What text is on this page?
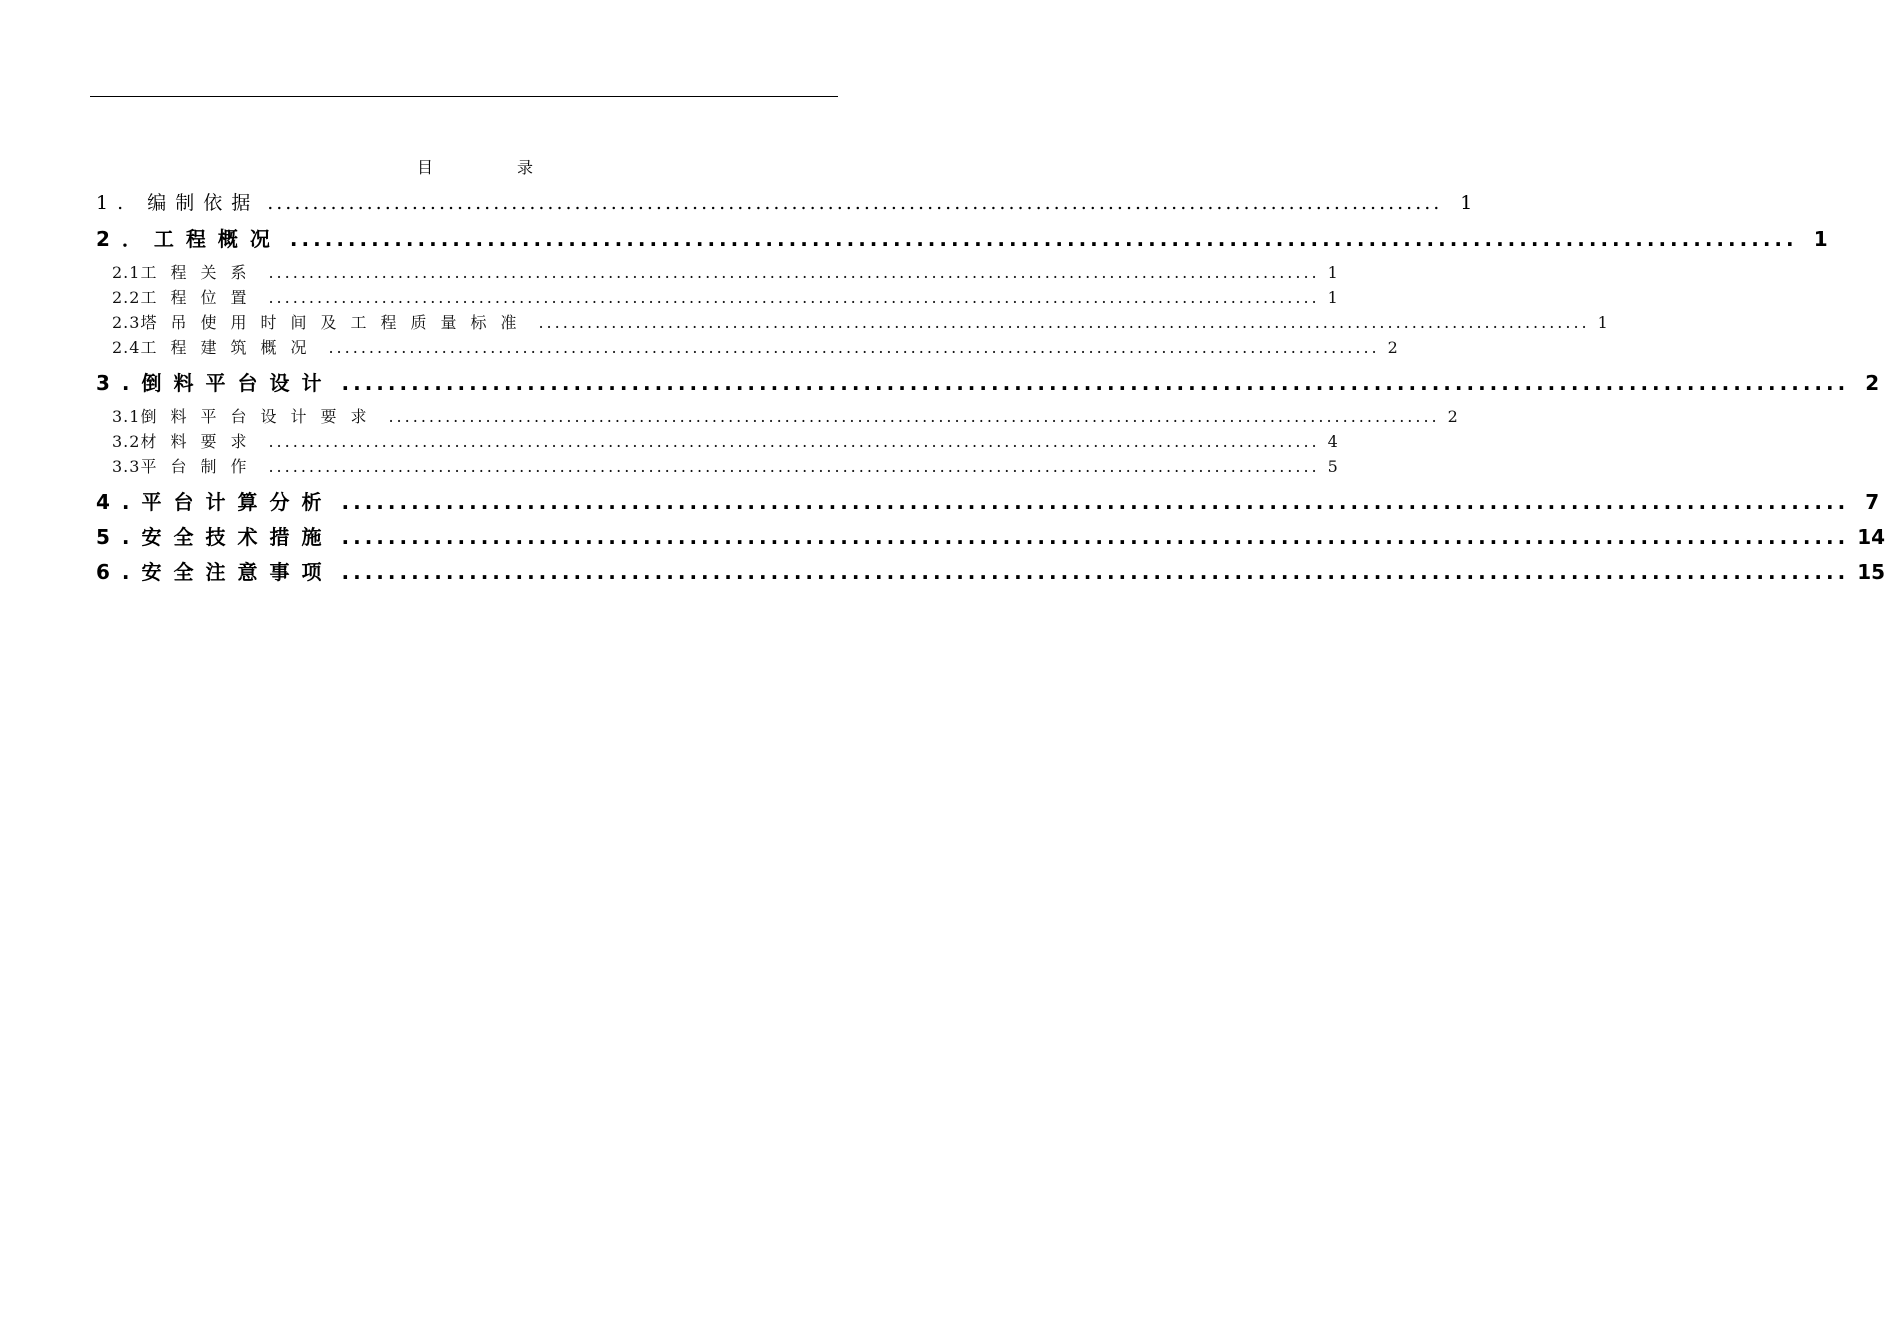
目录
1. 编制依据 .................................................................................................................................. 1
2．工程概况 .................................................................................................................................. 1
2.1工程关系 .................................................................................................................................. 1
2.2工程位置 .................................................................................................................................. 1
2.3塔吊使用时间及工程质量标准 .................................................................................................................................. 1
2.4工程建筑概况 .................................................................................................................................. 2
3.倒料平台设计 .................................................................................................................................. 2
3.1倒料平台设计要求 .................................................................................................................................. 2
3.2材料要求 .................................................................................................................................. 4
3.3平台制作 .................................................................................................................................. 5
4.平台计算分析 .................................................................................................................................. 7
5.安全技术措施 .................................................................................................................................. 14
6.安全注意事项 .................................................................................................................................. 15
